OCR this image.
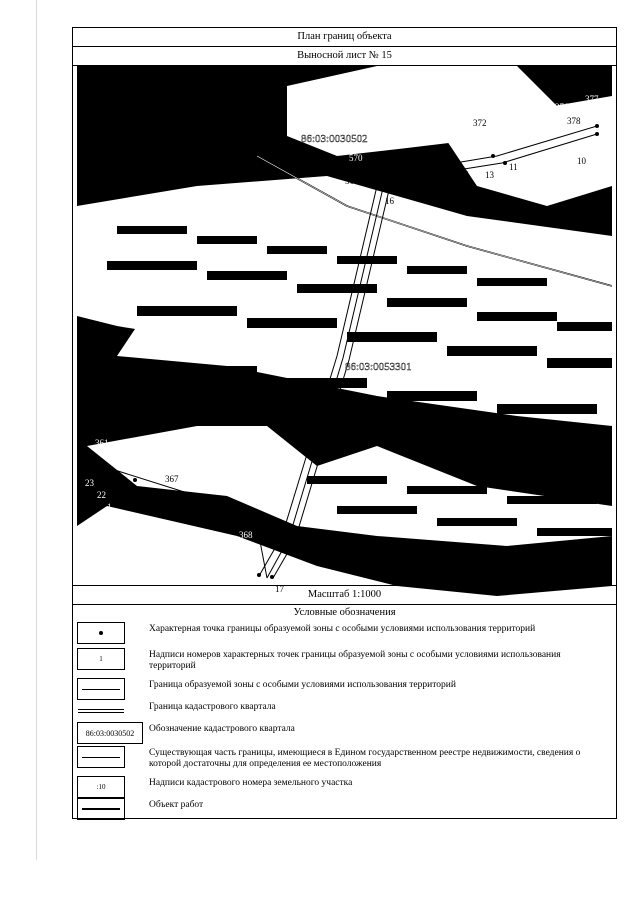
План границ объекта
Выносной лист № 15
376
377
378
8
9
10
11
12	13
14
16
17
18
22
23
361 362
365
366
367
368
371
372
373
374
560
1
570
4295
86:03:0030502
86:03:0053301
Масштаб 1:1000
Условные обозначения
Характерная точка границы образуемой зоны с особыми условиями использования территорий
1	Надписи номеров характерных точек границы образуемой зоны с особыми условиями использования территорий
Граница образуемой зоны с особыми условиями использования территорий
Граница кадастрового квартала
86:03:0030502	Обозначение кадастрового квартала
Существующая часть границы, имеющиеся в Едином государственном реестре недвижимости, сведения о которой достаточны для определения ее местоположения
:10	Надписи кадастрового номера земельного участка
Объект работ
